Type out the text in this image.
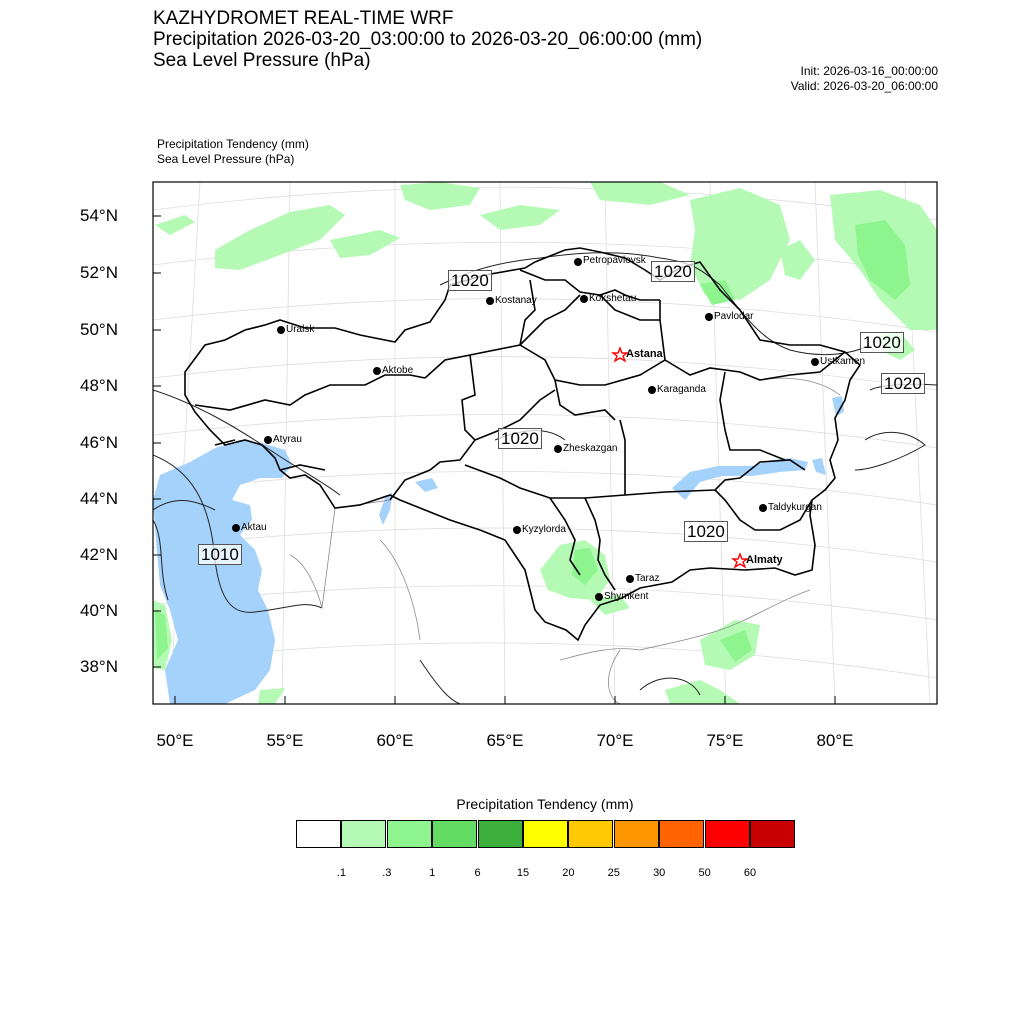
KAZHYDROMET REAL-TIME WRF
Precipitation 2026-03-20_03:00:00 to 2026-03-20_06:00:00 (mm)
Sea Level Pressure (hPa)	Init: 2026-03-16_00:00:00
Valid: 2026-03-20_06:00:00
Precipitation Tendency (mm)
Sea Level Pressure (hPa)
54°N
52°N
50°N
48°N
46°N
44°N
42°N
40°N
38°N
50°E	55°E	60°E	65°E	70°E	75°E	80°E
Petropavlovsk
Kostanay	Kokshetau
Uralsk
Pavlodar
Astana
Aktobe
Ustkamen
Karaganda
Atyrau
Zheskazgan
Taldykurgan
Aktau	Kyzylorda
Almaty
Taraz
Shymkent
1020	1020
1020
1020
1020
1020
1010
Precipitation Tendency (mm)
.1	.3	1	6	15	20	25	30	50	60
